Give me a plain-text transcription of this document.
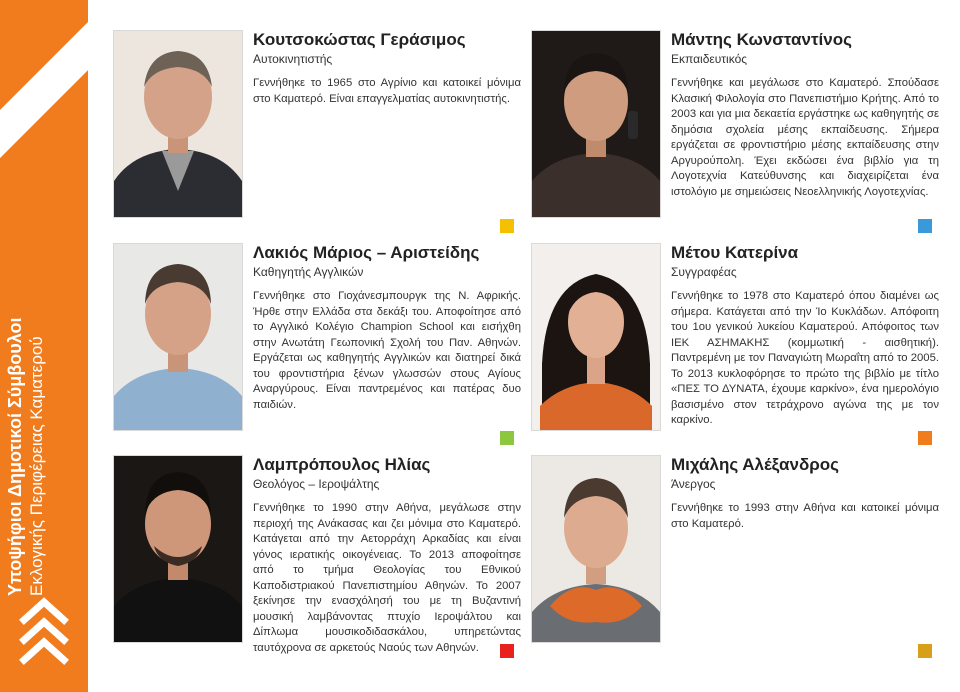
Υποψήφιοι Δημοτικοί Σύμβουλοι Εκλογικής Περιφέρειας Καματερού
Κουτσοκώστας Γεράσιμος
Αυτοκινητιστής

Γεννήθηκε το 1965 στο Αγρίνιο και κατοικεί μόνιμα στο Καματερό. Είναι επαγγελματίας αυτοκινητιστής.

Μάντης Κωνσταντίνος
Εκπαιδευτικός

Γεννήθηκε και μεγάλωσε στο Καματερό. Σπούδασε Κλασική Φιλολογία στο Πανεπιστήμιο Κρήτης. Από το 2003 και για μια δεκαετία εργάστηκε ως καθηγητής σε δημόσια σχολεία μέσης εκπαίδευσης. Σήμερα εργάζεται σε φροντιστήριο μέσης εκπαίδευσης στην Αργυρούπολη. Έχει εκδώσει ένα βιβλίο για τη Λογοτεχνία Κατεύθυνσης και διαχειρίζεται ένα ιστολόγιο με σημειώσεις Νεοελληνικής Λογοτεχνίας.

Λακιός Μάριος – Αριστείδης
Καθηγητής Αγγλικών

Γεννήθηκε στο Γιοχάνεσμπουργκ της Ν. Αφρικής. Ήρθε στην Ελλάδα στα δεκάξι του. Αποφοίτησε από το Αγγλικό Κολέγιο Champion School και εισήχθη στην Ανωτάτη Γεωπονική Σχολή του Παν. Αθηνών. Εργάζεται ως καθηγητής Αγγλικών και διατηρεί δικά του φροντιστήρια ξένων γλωσσών στους Αγίους Αναργύρους. Είναι παντρεμένος και πατέρας δυο παιδιών.

Μέτου Κατερίνα
Συγγραφέας

Γεννήθηκε το 1978 στο Καματερό όπου διαμένει ως σήμερα. Κατάγεται από την Ίο Κυκλάδων. Απόφοιτη του 1ου γενικού λυκείου Καματερού. Απόφοιτος των ΙΕΚ ΑΣΗΜΑΚΗΣ (κομμωτική - αισθητική). Παντρεμένη με τον Παναγιώτη Μωραΐτη από το 2005. Το 2013 κυκλοφόρησε το πρώτο της βιβλίο με τίτλο «ΠΕΣ ΤΟ ΔΥΝΑΤΑ, έχουμε καρκίνο», ένα ημερολόγιο βασισμένο στον τετράχρονο αγώνα της με τον καρκίνο.

Λαμπρόπουλος Ηλίας
Θεολόγος – Ιεροψάλτης

Γεννήθηκε το 1990 στην Αθήνα, μεγάλωσε στην περιοχή της Ανάκασας και ζει μόνιμα στο Καματερό. Κατάγεται από την Αετορράχη Αρκαδίας και είναι γόνος ιερατικής οικογένειας. Το 2013 αποφοίτησε από το τμήμα Θεολογίας του Εθνικού Καποδιστριακού Πανεπιστημίου Αθηνών. Το 2007 ξεκίνησε την ενασχόλησή του με τη Βυζαντινή μουσική λαμβάνοντας πτυχίο Ιεροψάλτου και Δίπλωμα μουσικοδιδασκάλου, υπηρετώντας ταυτόχρονα σε αρκετούς Ναούς των Αθηνών.

Μιχάλης Αλέξανδρος
Άνεργος

Γεννήθηκε το 1993 στην Αθήνα και κατοικεί μόνιμα στο Καματερό.
